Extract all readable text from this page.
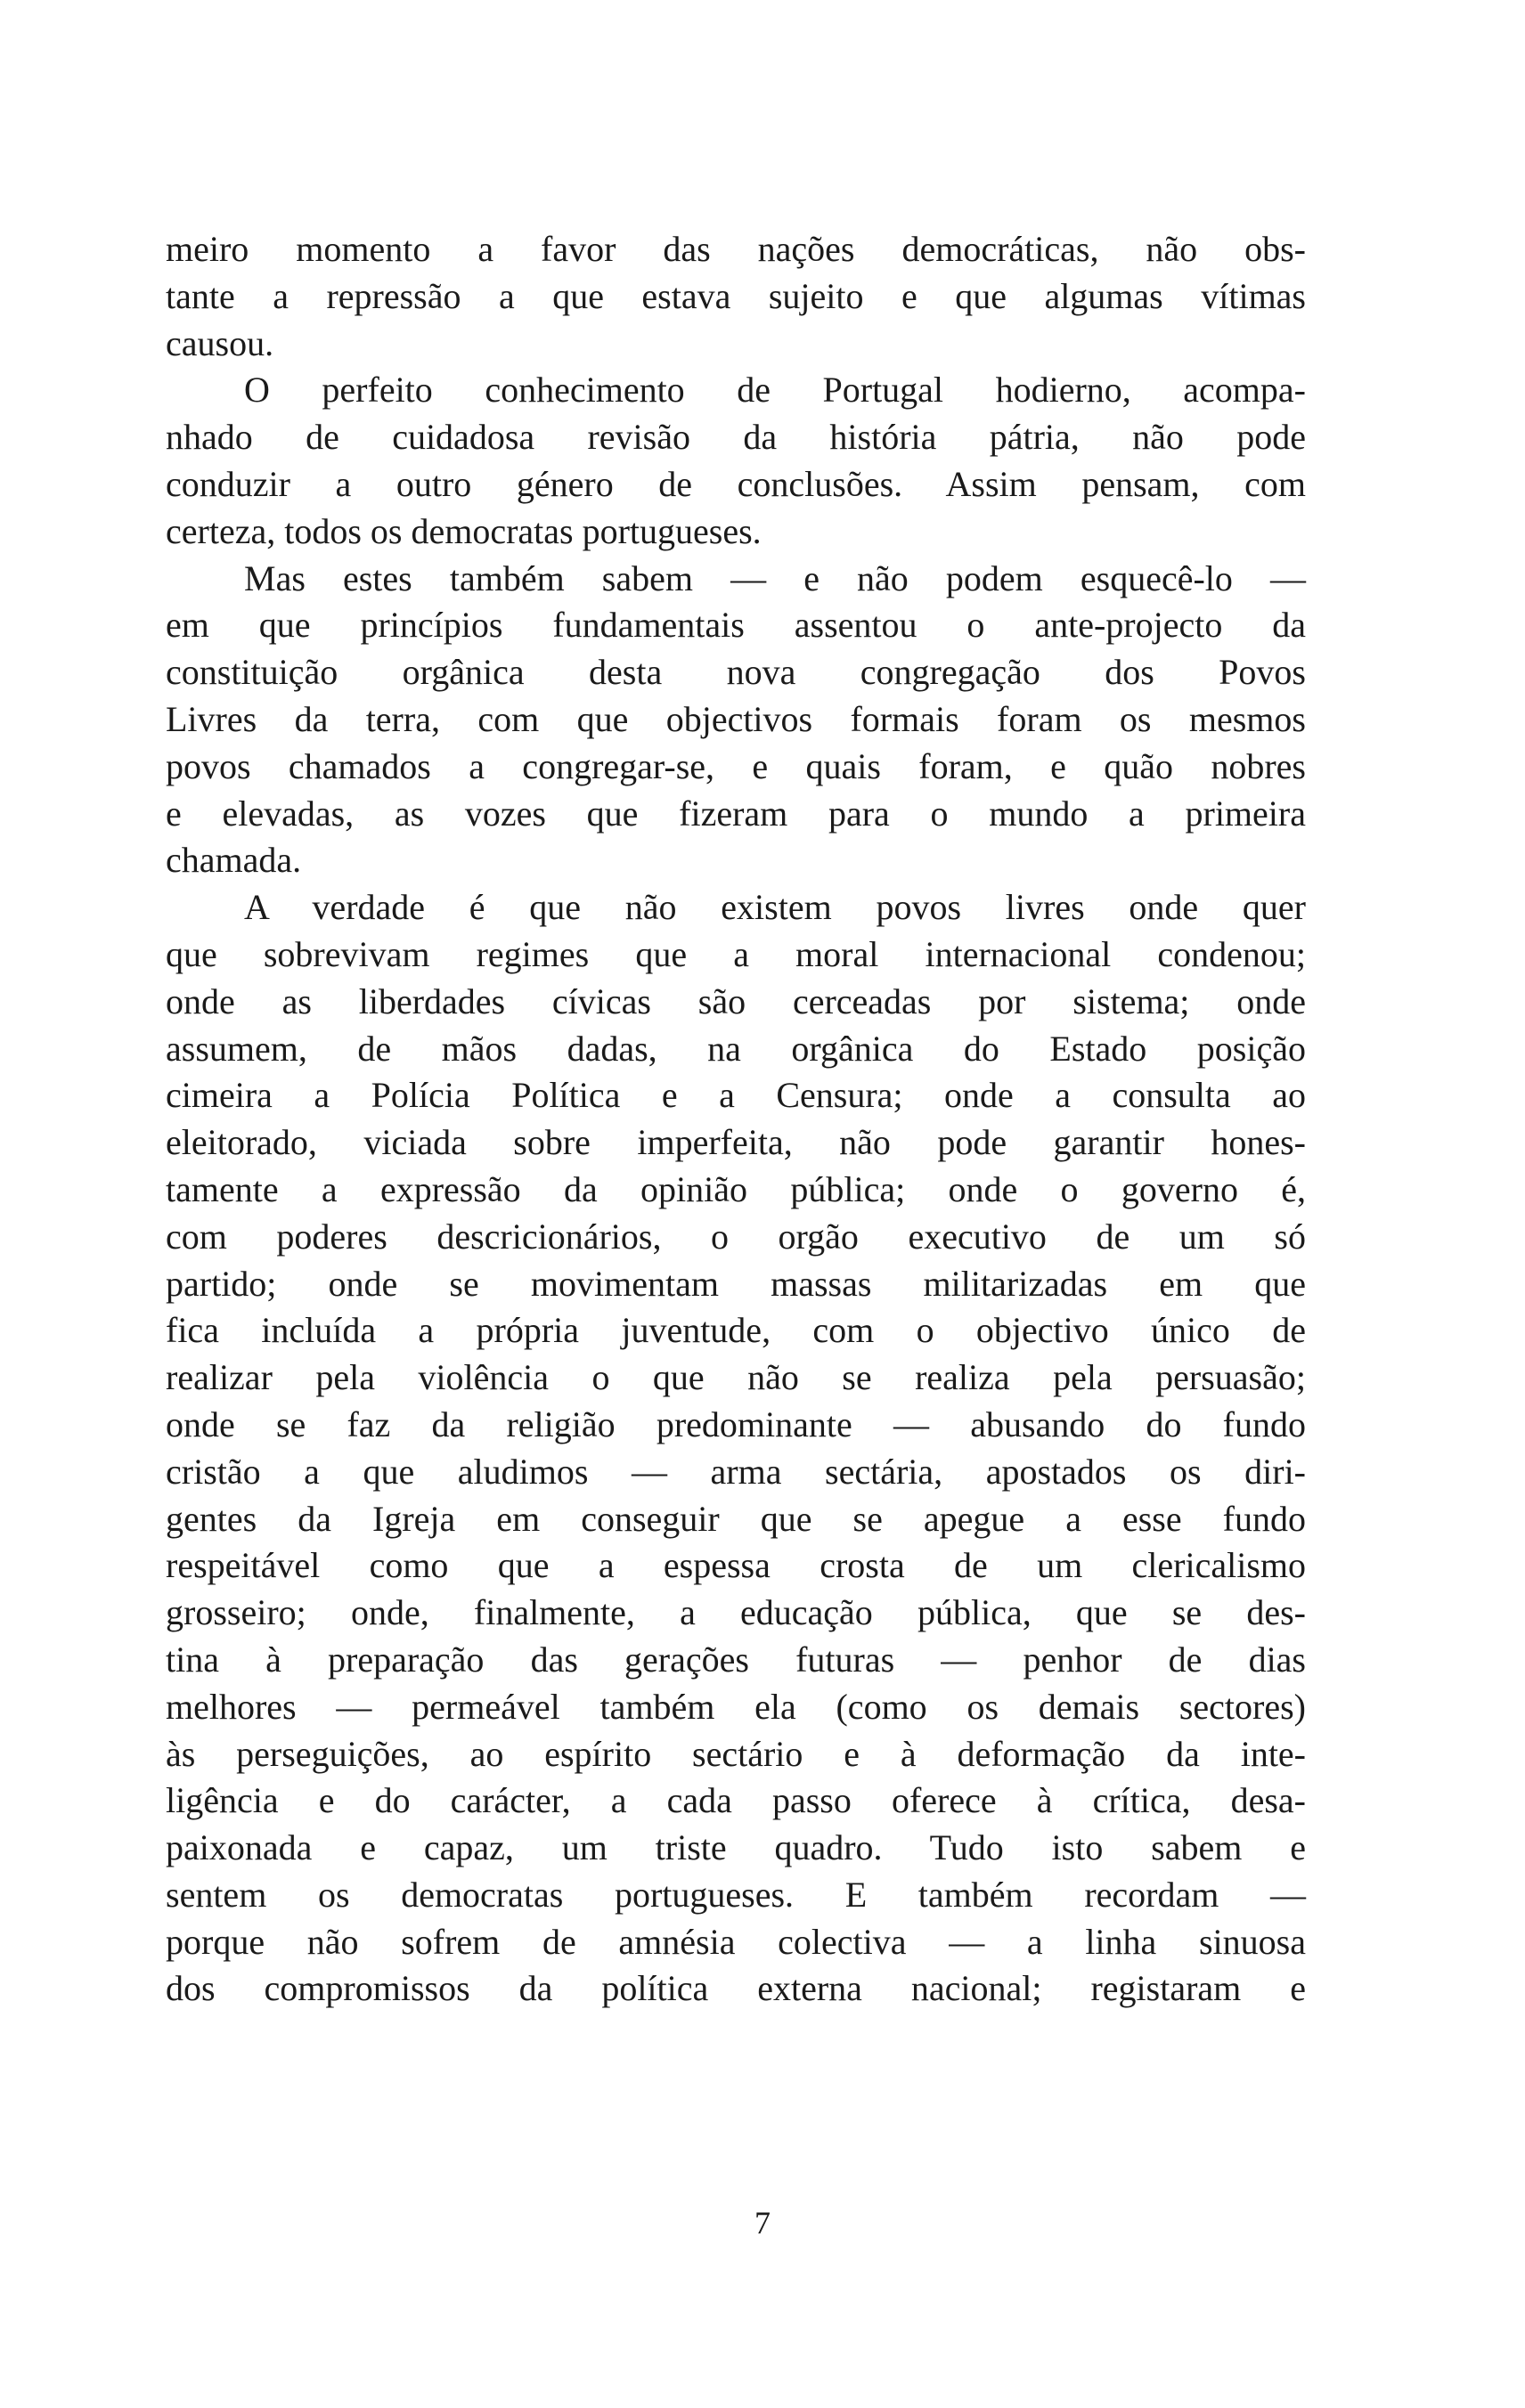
meiro momento a favor das nações democráticas, não obs-
tante a repressão a que estava sujeito e que algumas vítimas
causou.
O perfeito conhecimento de Portugal hodierno, acompa-
nhado de cuidadosa revisão da história pátria, não pode
conduzir a outro género de conclusões. Assim pensam, com
certeza, todos os democratas portugueses.
Mas estes também sabem — e não podem esquecê-lo —
em que princípios fundamentais assentou o ante-projecto da
constituição orgânica desta nova congregação dos Povos
Livres da terra, com que objectivos formais foram os mesmos
povos chamados a congregar-se, e quais foram, e quão nobres
e elevadas, as vozes que fizeram para o mundo a primeira
chamada.
A verdade é que não existem povos livres onde quer
que sobrevivam regimes que a moral internacional condenou;
onde as liberdades cívicas são cerceadas por sistema; onde
assumem, de mãos dadas, na orgânica do Estado posição
cimeira a Polícia Política e a Censura; onde a consulta ao
eleitorado, viciada sobre imperfeita, não pode garantir hones-
tamente a expressão da opinião pública; onde o governo é,
com poderes descricionários, o orgão executivo de um só
partido; onde se movimentam massas militarizadas em que
fica incluída a própria juventude, com o objectivo único de
realizar pela violência o que não se realiza pela persuasão;
onde se faz da religião predominante — abusando do fundo
cristão a que aludimos — arma sectária, apostados os diri-
gentes da Igreja em conseguir que se apegue a esse fundo
respeitável como que a espessa crosta de um clericalismo
grosseiro; onde, finalmente, a educação pública, que se des-
tina à preparação das gerações futuras — penhor de dias
melhores — permeável também ela (como os demais sectores)
às perseguições, ao espírito sectário e à deformação da inte-
ligência e do carácter, a cada passo oferece à crítica, desa-
paixonada e capaz, um triste quadro. Tudo isto sabem e
sentem os democratas portugueses. E também recordam —
porque não sofrem de amnésia colectiva — a linha sinuosa
dos compromissos da política externa nacional; registaram e
7
